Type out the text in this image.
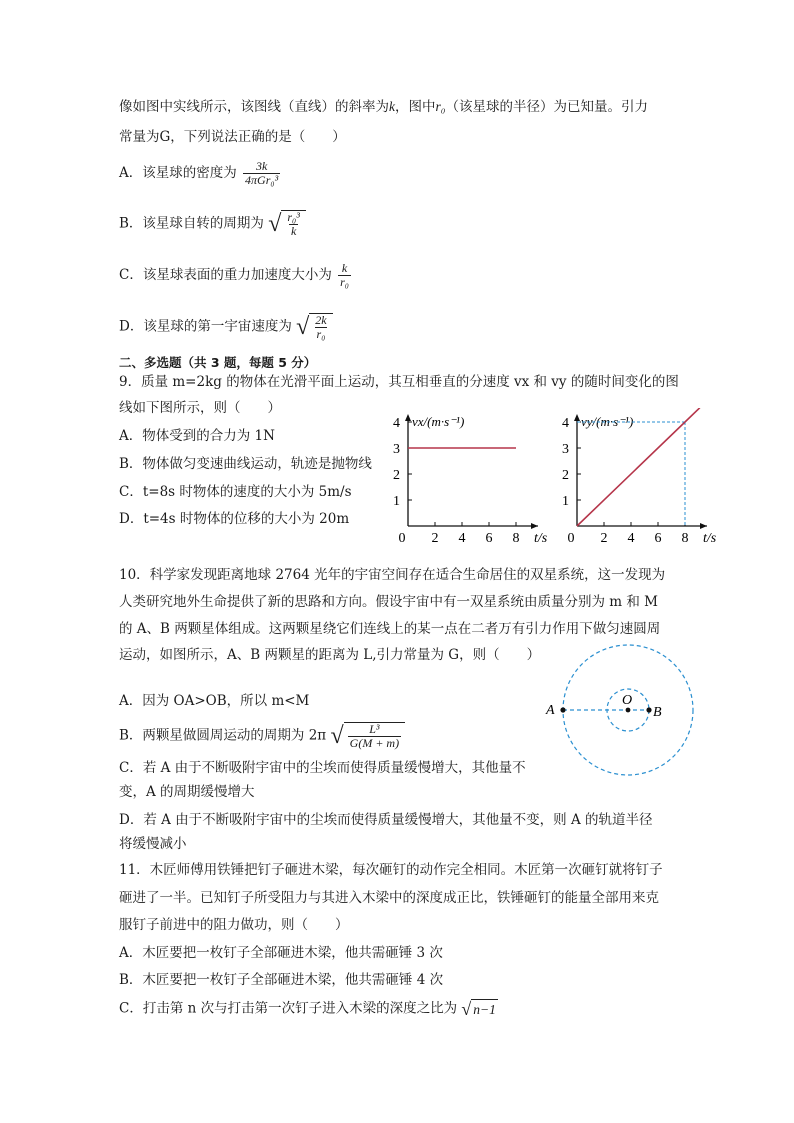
像如图中实线所示，该图线（直线）的斜率为k，图中r₀（该星球的半径）为已知量。引力
常量为G，下列说法正确的是（　　）
A．该星球的密度为 $\frac{3k}{\text{4πGr₀³}}$
B．该星球自转的周期为 √ $\frac{\text{r₀³}}{k}$
C．该星球表面的重力加速度大小为 $\frac{k}{\text{r₀}}$
D．该星球的第一宇宙速度为 √ $\frac{2k}{\text{r₀}}$
二、多选题（共 3 题，每题 5 分）
9．质量 m=2kg 的物体在光滑平面上运动，其互相垂直的分速度 vx 和 vy 的随时间变化的图
线如下图所示，则（　　）
A．物体受到的合力为 1N
B．物体做匀变速曲线运动，轨迹是抛物线
C．t=8s 时物体的速度的大小为 5m/s
D．t=4s 时物体的位移的大小为 20m
0 2 4 6 8
1
2
3
4 vx/(m·s⁻¹)
t/s 0 2 4 6 8
1
2
3
4 vy/(m·s⁻¹)
t/s
10．科学家发现距离地球 2764 光年的宇宙空间存在适合生命居住的双星系统，这一发现为
人类研究地外生命提供了新的思路和方向。假设宇宙中有一双星系统由质量分别为 m 和 M
的 A、B 两颗星体组成。这两颗星绕它们连线上的某一点在二者万有引力作用下做匀速圆周
运动，如图所示，A、B 两颗星的距离为 L,引力常量为 G，则（　　）
A．因为 OA>OB，所以 m<M
B．两颗星做圆周运动的周期为 2π √ $\frac{\text{L³}}{G(M + m)}$
C．若 A 由于不断吸附宇宙中的尘埃而使得质量缓慢增大，其他量不
变，A 的周期缓慢增大
D．若 A 由于不断吸附宇宙中的尘埃而使得质量缓慢增大，其他量不变，则 A 的轨道半径
将缓慢减小
A
O
B
11．木匠师傅用铁锤把钉子砸进木梁，每次砸钉的动作完全相同。木匠第一次砸钉就将钉子
砸进了一半。已知钉子所受阻力与其进入木梁中的深度成正比，铁锤砸钉的能量全部用来克
服钉子前进中的阻力做功，则（　　）
A．木匠要把一枚钉子全部砸进木梁，他共需砸锤 3 次
B．木匠要把一枚钉子全部砸进木梁，他共需砸锤 4 次
C．打击第 n 次与打击第一次钉子进入木梁的深度之比为 √ n−1
